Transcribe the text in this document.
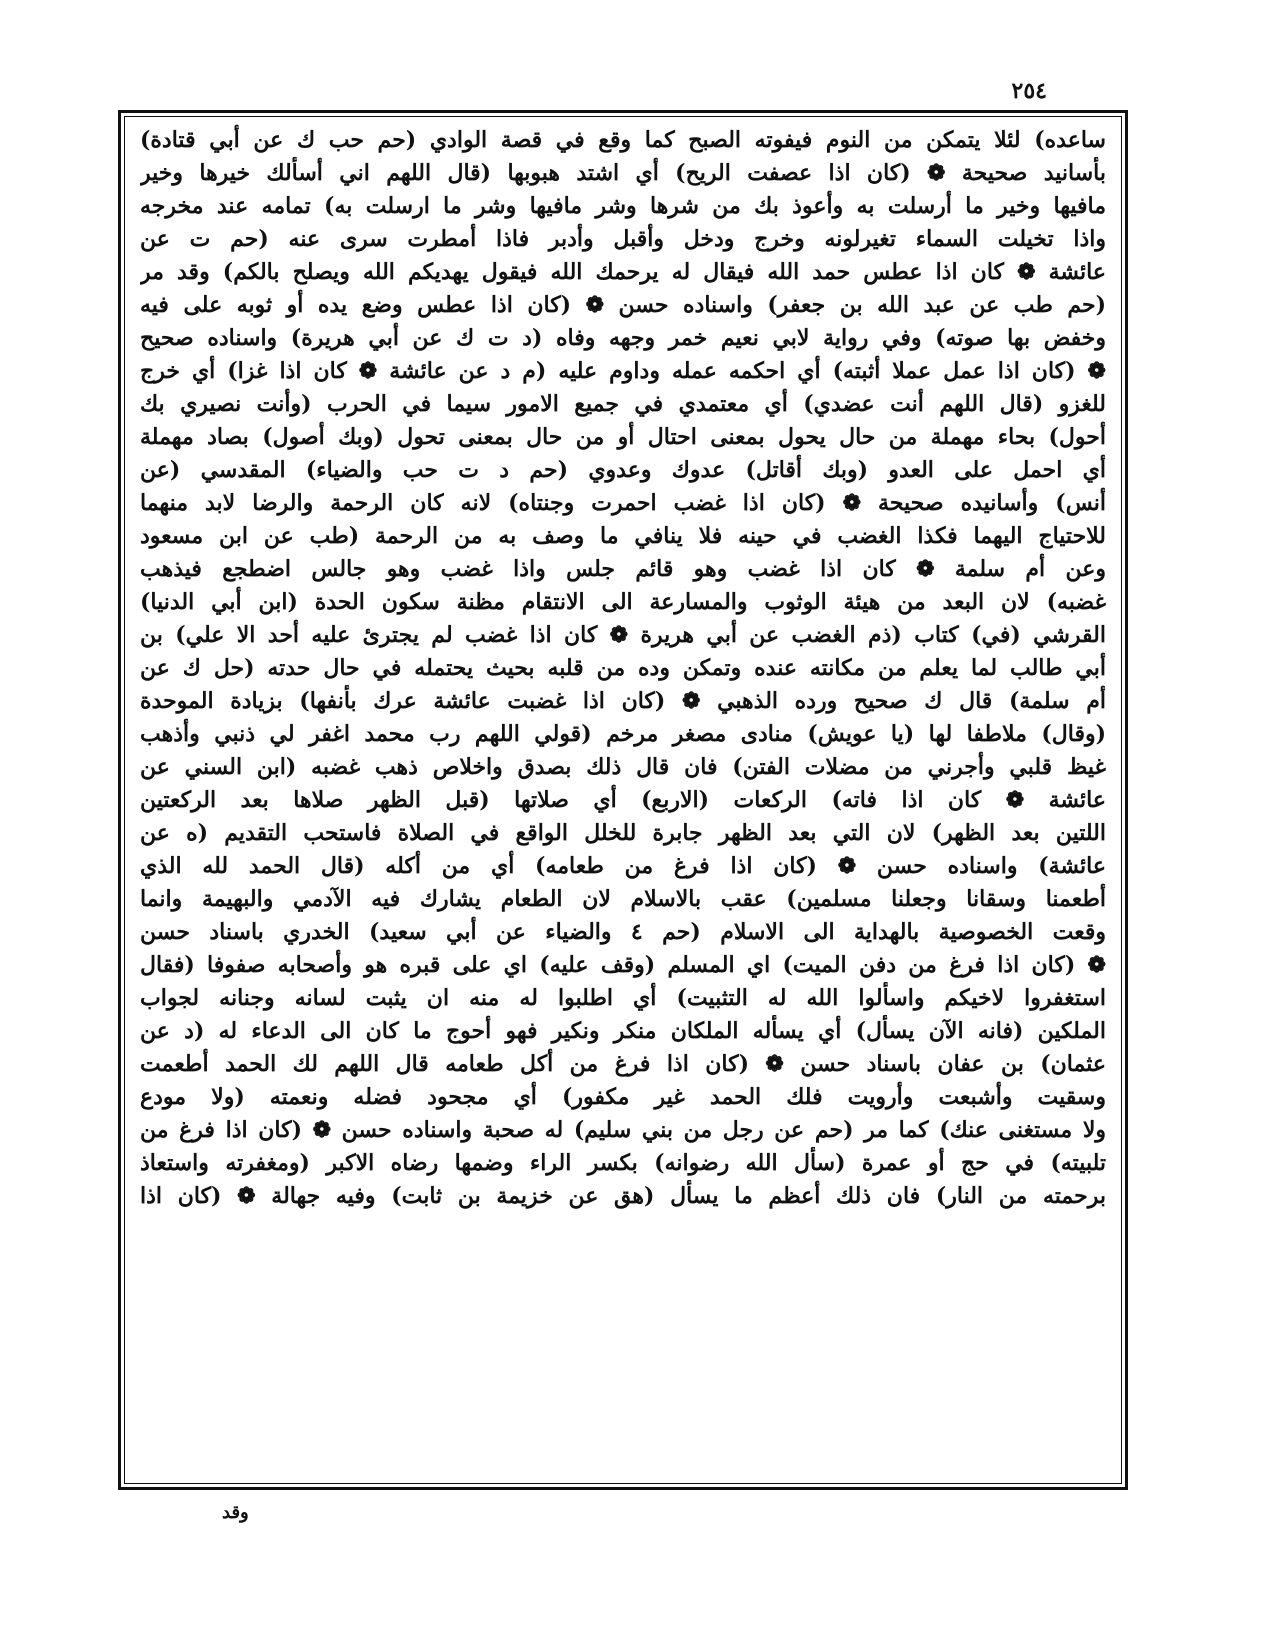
٢٥٤
ساعده) لئلا يتمكن من النوم فيفوته الصبح كما وقع في قصة الوادي (حم حب ك عن أبي قتادة)
بأسانيد صحيحة ❁ (كان اذا عصفت الريح) أي اشتد هبوبها (قال اللهم اني أسألك خيرها وخير
مافيها وخير ما أرسلت به وأعوذ بك من شرها وشر مافيها وشر ما ارسلت به) تمامه عند مخرجه
واذا تخيلت السماء تغيرلونه وخرج ودخل وأقبل وأدبر فاذا أمطرت سرى عنه (حم ت عن
عائشة ❁ كان اذا عطس حمد الله فيقال له يرحمك الله فيقول يهديكم الله ويصلح بالكم) وقد مر
(حم طب عن عبد الله بن جعفر) واسناده حسن ❁ (كان اذا عطس وضع يده أو ثوبه على فيه
وخفض بها صوته) وفي رواية لابي نعيم خمر وجهه وفاه (د ت ك عن أبي هريرة) واسناده صحيح
❁ (كان اذا عمل عملا أثبته) أي احكمه عمله وداوم عليه (م د عن عائشة ❁ كان اذا غزا) أي خرج
للغزو (قال اللهم أنت عضدي) أي معتمدي في جميع الامور سيما في الحرب (وأنت نصيري بك
أحول) بحاء مهملة من حال يحول بمعنى احتال أو من حال بمعنى تحول (وبك أصول) بصاد مهملة
أي احمل على العدو (وبك أقاتل) عدوك وعدوي (حم د ت حب والضياء) المقدسي (عن
أنس) وأسانيده صحيحة ❁ (كان اذا غضب احمرت وجنتاه) لانه كان الرحمة والرضا لابد منهما
للاحتياج اليهما فكذا الغضب في حينه فلا ينافي ما وصف به من الرحمة (طب عن ابن مسعود
وعن أم سلمة ❁ كان اذا غضب وهو قائم جلس واذا غضب وهو جالس اضطجع فيذهب
غضبه) لان البعد من هيئة الوثوب والمسارعة الى الانتقام مظنة سكون الحدة (ابن أبي الدنيا)
القرشي (في) كتاب (ذم الغضب عن أبي هريرة ❁ كان اذا غضب لم يجترئ عليه أحد الا علي) بن
أبي طالب لما يعلم من مكانته عنده وتمكن وده من قلبه بحيث يحتمله في حال حدته (حل ك عن
أم سلمة) قال ك صحيح ورده الذهبي ❁ (كان اذا غضبت عائشة عرك بأنفها) بزيادة الموحدة
(وقال) ملاطفا لها (يا عويش) منادى مصغر مرخم (قولي اللهم رب محمد اغفر لي ذنبي وأذهب
غيظ قلبي وأجرني من مضلات الفتن) فان قال ذلك بصدق واخلاص ذهب غضبه (ابن السني عن
عائشة ❁ كان اذا فاته) الركعات (الاربع) أي صلاتها (قبل الظهر صلاها بعد الركعتين
اللتين بعد الظهر) لان التي بعد الظهر جابرة للخلل الواقع في الصلاة فاستحب التقديم (ه عن
عائشة) واسناده حسن ❁ (كان اذا فرغ من طعامه) أي من أكله (قال الحمد لله الذي
أطعمنا وسقانا وجعلنا مسلمين) عقب بالاسلام لان الطعام يشارك فيه الآدمي والبهيمة وانما
وقعت الخصوصية بالهداية الى الاسلام (حم ٤ والضياء عن أبي سعيد) الخدري باسناد حسن
❁ (كان اذا فرغ من دفن الميت) اي المسلم (وقف عليه) اي على قبره هو وأصحابه صفوفا (فقال
استغفروا لاخيكم واسألوا الله له التثبيت) أي اطلبوا له منه ان يثبت لسانه وجنانه لجواب
الملكين (فانه الآن يسأل) أي يسأله الملكان منكر ونكير فهو أحوج ما كان الى الدعاء له (د عن
عثمان) بن عفان باسناد حسن ❁ (كان اذا فرغ من أكل طعامه قال اللهم لك الحمد أطعمت
وسقيت وأشبعت وأرويت فلك الحمد غير مكفور) أي مجحود فضله ونعمته (ولا مودع
ولا مستغنى عنك) كما مر (حم عن رجل من بني سليم) له صحبة واسناده حسن ❁ (كان اذا فرغ من
تلبيته) في حج أو عمرة (سأل الله رضوانه) بكسر الراء وضمها رضاه الاكبر (ومغفرته واستعاذ
برحمته من النار) فان ذلك أعظم ما يسأل (هق عن خزيمة بن ثابت) وفيه جهالة ❁ (كان اذا
وقد
